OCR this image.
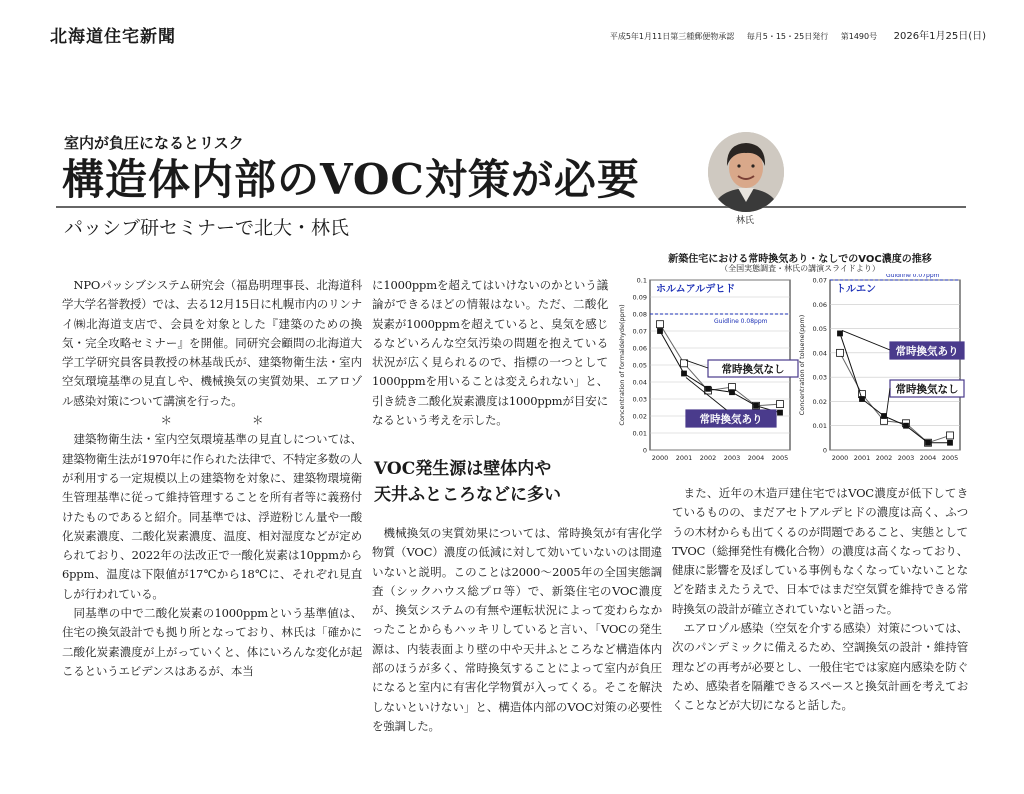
北海道住宅新聞	平成5年1月11日第三種郵便物承認 毎月5・15・25日発行 第1490号 2026年1月25日(日)
室内が負圧になるとリスク
構造体内部のVOC対策が必要
パッシブ研セミナーで北大・林氏	林氏
新築住宅における常時換気あり・なしでのVOC濃度の推移
（全国実態調査・林氏の講演スライドより）
0
0.01
0.02
0.03
0.04
0.05
0.06
0.07
0.08
0.09
0.1
2000 2001 2002 2003 2004 2005
Concentration of formaldehyde(ppm)
ホルムアルデヒド
Guidline 0.08ppm
常時換気なし
常時換気あり
0
0.01
0.02
0.03
0.04
0.05
0.06
0.07
2000 2001 2002 2003 2004 2005
Concentration of toluene(ppm)
トルエン
Guidline 0.07ppm
常時換気あり
常時換気なし

NPOパッシブシステム研究会（福島明理事長、北海道科学大学名誉教授）では、去る12月15日に札幌市内のリンナイ㈱北海道支店で、会員を対象とした『建築のための換気・完全攻略セミナー』を開催。同研究会顧問の北海道大学工学研究員客員教授の林基哉氏が、建築物衛生法・室内空気環境基準の見直しや、機械換気の実質効果、エアロゾル感染対策について講演を行った。

＊＊

建築物衛生法・室内空気環境基準の見直しについては、建築物衛生法が1970年に作られた法律で、不特定多数の人が利用する一定規模以上の建築物を対象に、建築物環境衛生管理基準に従って維持管理することを所有者等に義務付けたものであると紹介。同基準では、浮遊粉じん量や一酸化炭素濃度、二酸化炭素濃度、温度、相対湿度などが定められており、2022年の法改正で一酸化炭素は10ppmから6ppm、温度は下限値が17℃から18℃に、それぞれ見直しが行われている。

同基準の中で二酸化炭素の1000ppmという基準値は、住宅の換気設計でも拠り所となっており、林氏は「確かに二酸化炭素濃度が上がっていくと、体にいろんな変化が起こるというエビデンスはあるが、本当

に1000ppmを超えてはいけないのかという議論ができるほどの情報はない。ただ、二酸化炭素が1000ppmを超えていると、臭気を感じるなどいろんな空気汚染の問題を抱えている状況が広く見られるので、指標の一つとして1000ppmを用いることは変えられない」と、引き続き二酸化炭素濃度は1000ppmが目安になるという考えを示した。

VOC発生源は壁体内や
天井ふところなどに多い

機械換気の実質効果については、常時換気が有害化学物質（VOC）濃度の低減に対して効いていないのは間違いないと説明。このことは2000～2005年の全国実態調査（シックハウス総プロ等）で、新築住宅のVOC濃度が、換気システムの有無や運転状況によって変わらなかったことからもハッキリしていると言い、「VOCの発生源は、内装表面より壁の中や天井ふところなど構造体内部のほうが多く、常時換気することによって室内が負圧になると室内に有害化学物質が入ってくる。そこを解決しないといけない」と、構造体内部のVOC対策の必要性を強調した。

また、近年の木造戸建住宅ではVOC濃度が低下してきているものの、まだアセトアルデヒドの濃度は高く、ふつうの木材からも出てくるのが問題であること、実態としてTVOC（総揮発性有機化合物）の濃度は高くなっており、健康に影響を及ぼしている事例もなくなっていないことなどを踏まえたうえで、日本ではまだ空気質を維持できる常時換気の設計が確立されていないと語った。

エアロゾル感染（空気を介する感染）対策については、次のパンデミックに備えるため、空調換気の設計・維持管理などの再考が必要とし、一般住宅では家庭内感染を防ぐため、感染者を隔離できるスペースと換気計画を考えておくことなどが大切になると話した。
